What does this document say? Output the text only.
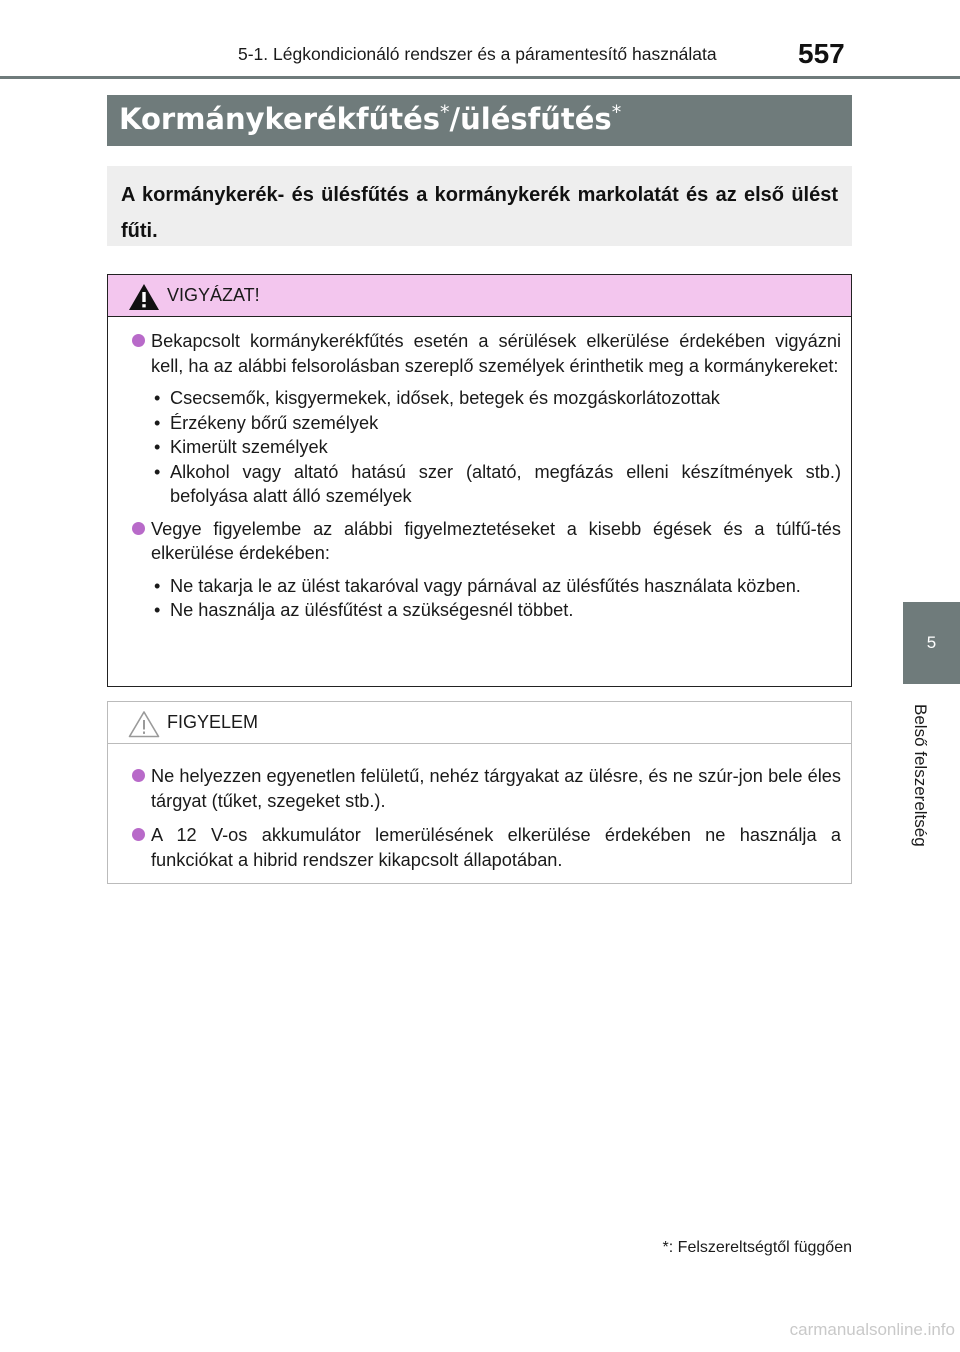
5-1. Légkondicionáló rendszer és a páramentesítő használata	557
5
Belső felszereltség
Kormánykerékfűtés*/ülésfűtés*
A kormánykerék- és ülésfűtés a kormánykerék markolatát és az első ülést fűti.
VIGYÁZAT!
Bekapcsolt kormánykerékfűtés esetén a sérülések elkerülése érdekében vigyázni kell, ha az alábbi felsorolásban szereplő személyek érinthetik meg a kormánykereket:
• Csecsemők, kisgyermekek, idősek, betegek és mozgáskorlátozottak
• Érzékeny bőrű személyek
• Kimerült személyek
• Alkohol vagy altató hatású szer (altató, megfázás elleni készítmények stb.) befolyása alatt álló személyek
Vegye figyelembe az alábbi figyelmeztetéseket a kisebb égések és a túlfű-tés elkerülése érdekében:
• Ne takarja le az ülést takaróval vagy párnával az ülésfűtés használata közben.
• Ne használja az ülésfűtést a szükségesnél többet.
FIGYELEM
Ne helyezzen egyenetlen felületű, nehéz tárgyakat az ülésre, és ne szúr-jon bele éles tárgyat (tűket, szegeket stb.).
A 12 V-os akkumulátor lemerülésének elkerülése érdekében ne használja a funkciókat a hibrid rendszer kikapcsolt állapotában.
*: Felszereltségtől függően
carmanualsonline.info
